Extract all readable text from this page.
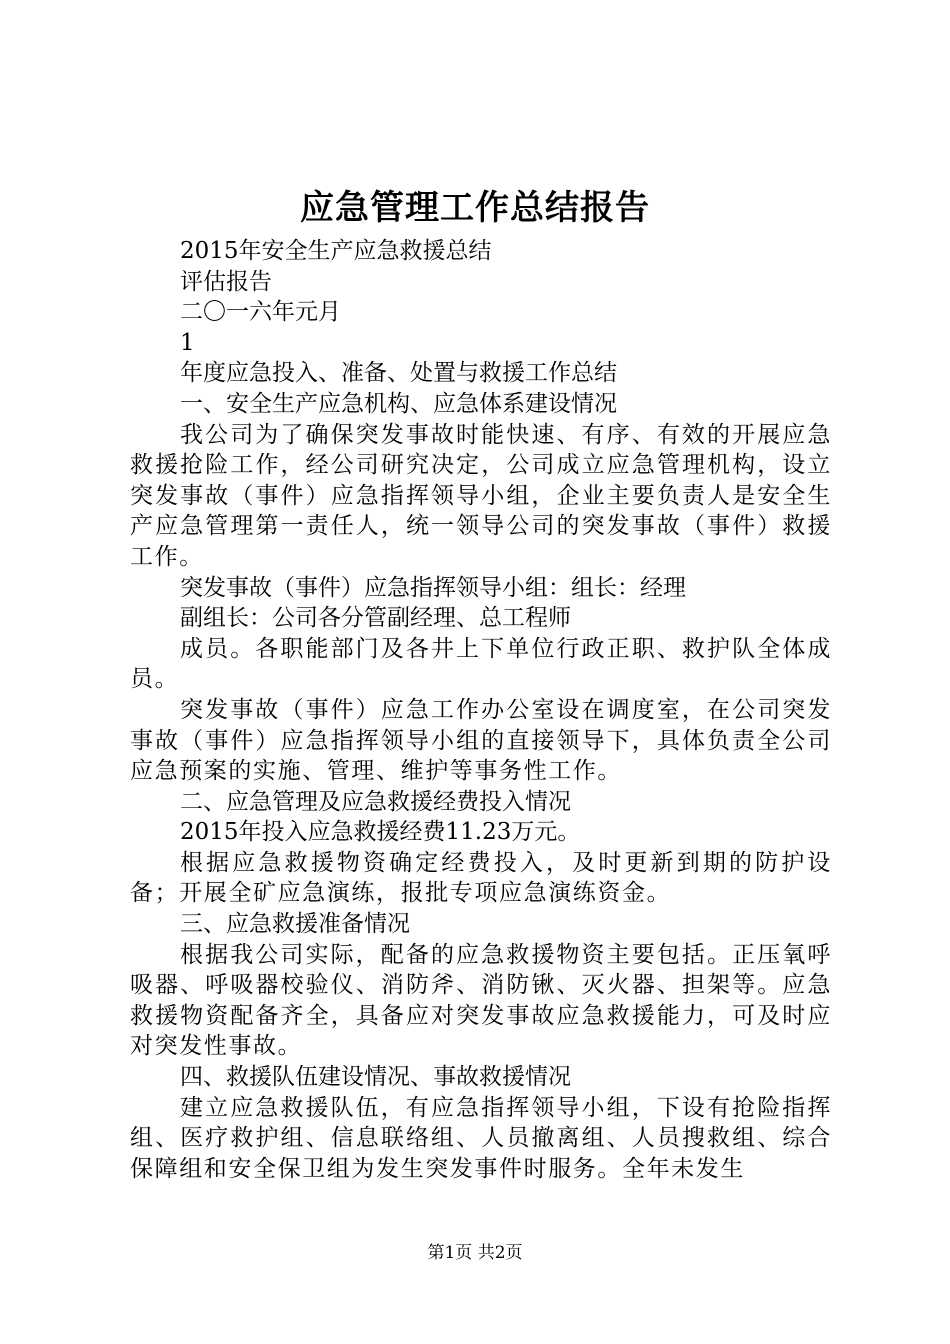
应急管理工作总结报告

2015年安全生产应急救援总结

评估报告

二〇一六年元月

1

年度应急投入、准备、处置与救援工作总结

一、安全生产应急机构、应急体系建设情况

我公司为了确保突发事故时能快速、有序、有效的开展应急救援抢险工作，经公司研究决定，公司成立应急管理机构，设立突发事故（事件）应急指挥领导小组，企业主要负责人是安全生产应急管理第一责任人，统一领导公司的突发事故（事件）救援工作。

突发事故（事件）应急指挥领导小组：组长：经理

副组长：公司各分管副经理、总工程师

成员。各职能部门及各井上下单位行政正职、救护队全体成员。

突发事故（事件）应急工作办公室设在调度室，在公司突发事故（事件）应急指挥领导小组的直接领导下，具体负责全公司应急预案的实施、管理、维护等事务性工作。

二、应急管理及应急救援经费投入情况

2015年投入应急救援经费11.23万元。

根据应急救援物资确定经费投入，及时更新到期的防护设备；开展全矿应急演练，报批专项应急演练资金。

三、应急救援准备情况

根据我公司实际，配备的应急救援物资主要包括。正压氧呼吸器、呼吸器校验仪、消防斧、消防锹、灭火器、担架等。应急救援物资配备齐全，具备应对突发事故应急救援能力，可及时应对突发性事故。

四、救援队伍建设情况、事故救援情况

建立应急救援队伍，有应急指挥领导小组，下设有抢险指挥组、医疗救护组、信息联络组、人员撤离组、人员搜救组、综合保障组和安全保卫组为发生突发事件时服务。全年未发生

第1页 共2页
